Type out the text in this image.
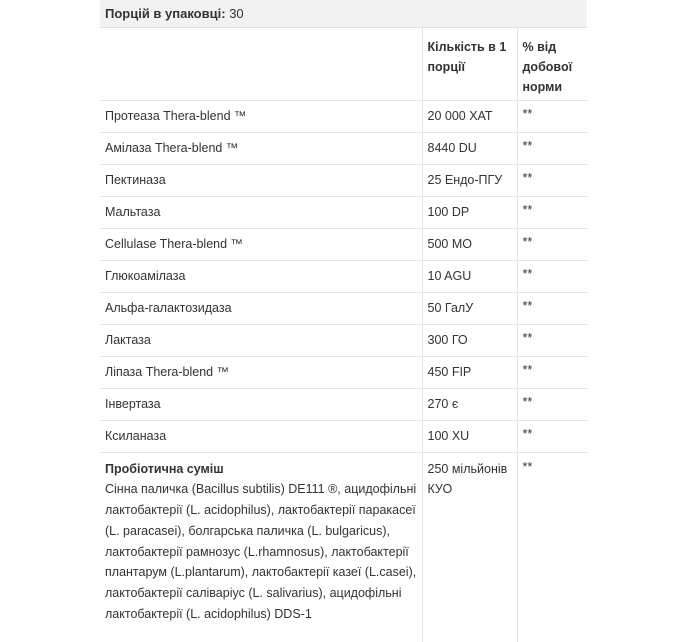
Порцій в упаковці: 30
	Кількість в 1 порції	% від добової норми
Протеаза Thera-blend ™	20 000 ХАТ	**
Амілаза Thera-blend ™	8440 DU	**
Пектиназа	25 Ендо-ПГУ	**
Мальтаза	100 DP	**
Cellulase Thera-blend ™	500 МО	**
Глюкоамілаза	10 AGU	**
Альфа-галактозидаза	50 ГалУ	**
Лактаза	300 ГО	**
Ліпаза Thera-blend ™	450 FIP	**
Інвертаза	270 є	**
Ксиланаза	100 XU	**

Пробіотична суміш
Сінна паличка (Bacillus subtilis) DE111 ®, ацидофільні лактобактерії (L. acidophilus), лактобактерії паракасеї (L. paracasei), болгарська паличка (L. bulgaricus), лактобактерії рамнозус (L.rhamnosus), лактобактерії плантарум (L.plantarum), лактобактерії казеї (L.casei), лактобактерії саліваріус (L. salivarius), ацидофільні лактобактерії (L. acidophilus) DDS-1	250 мільйонів КУО	**
